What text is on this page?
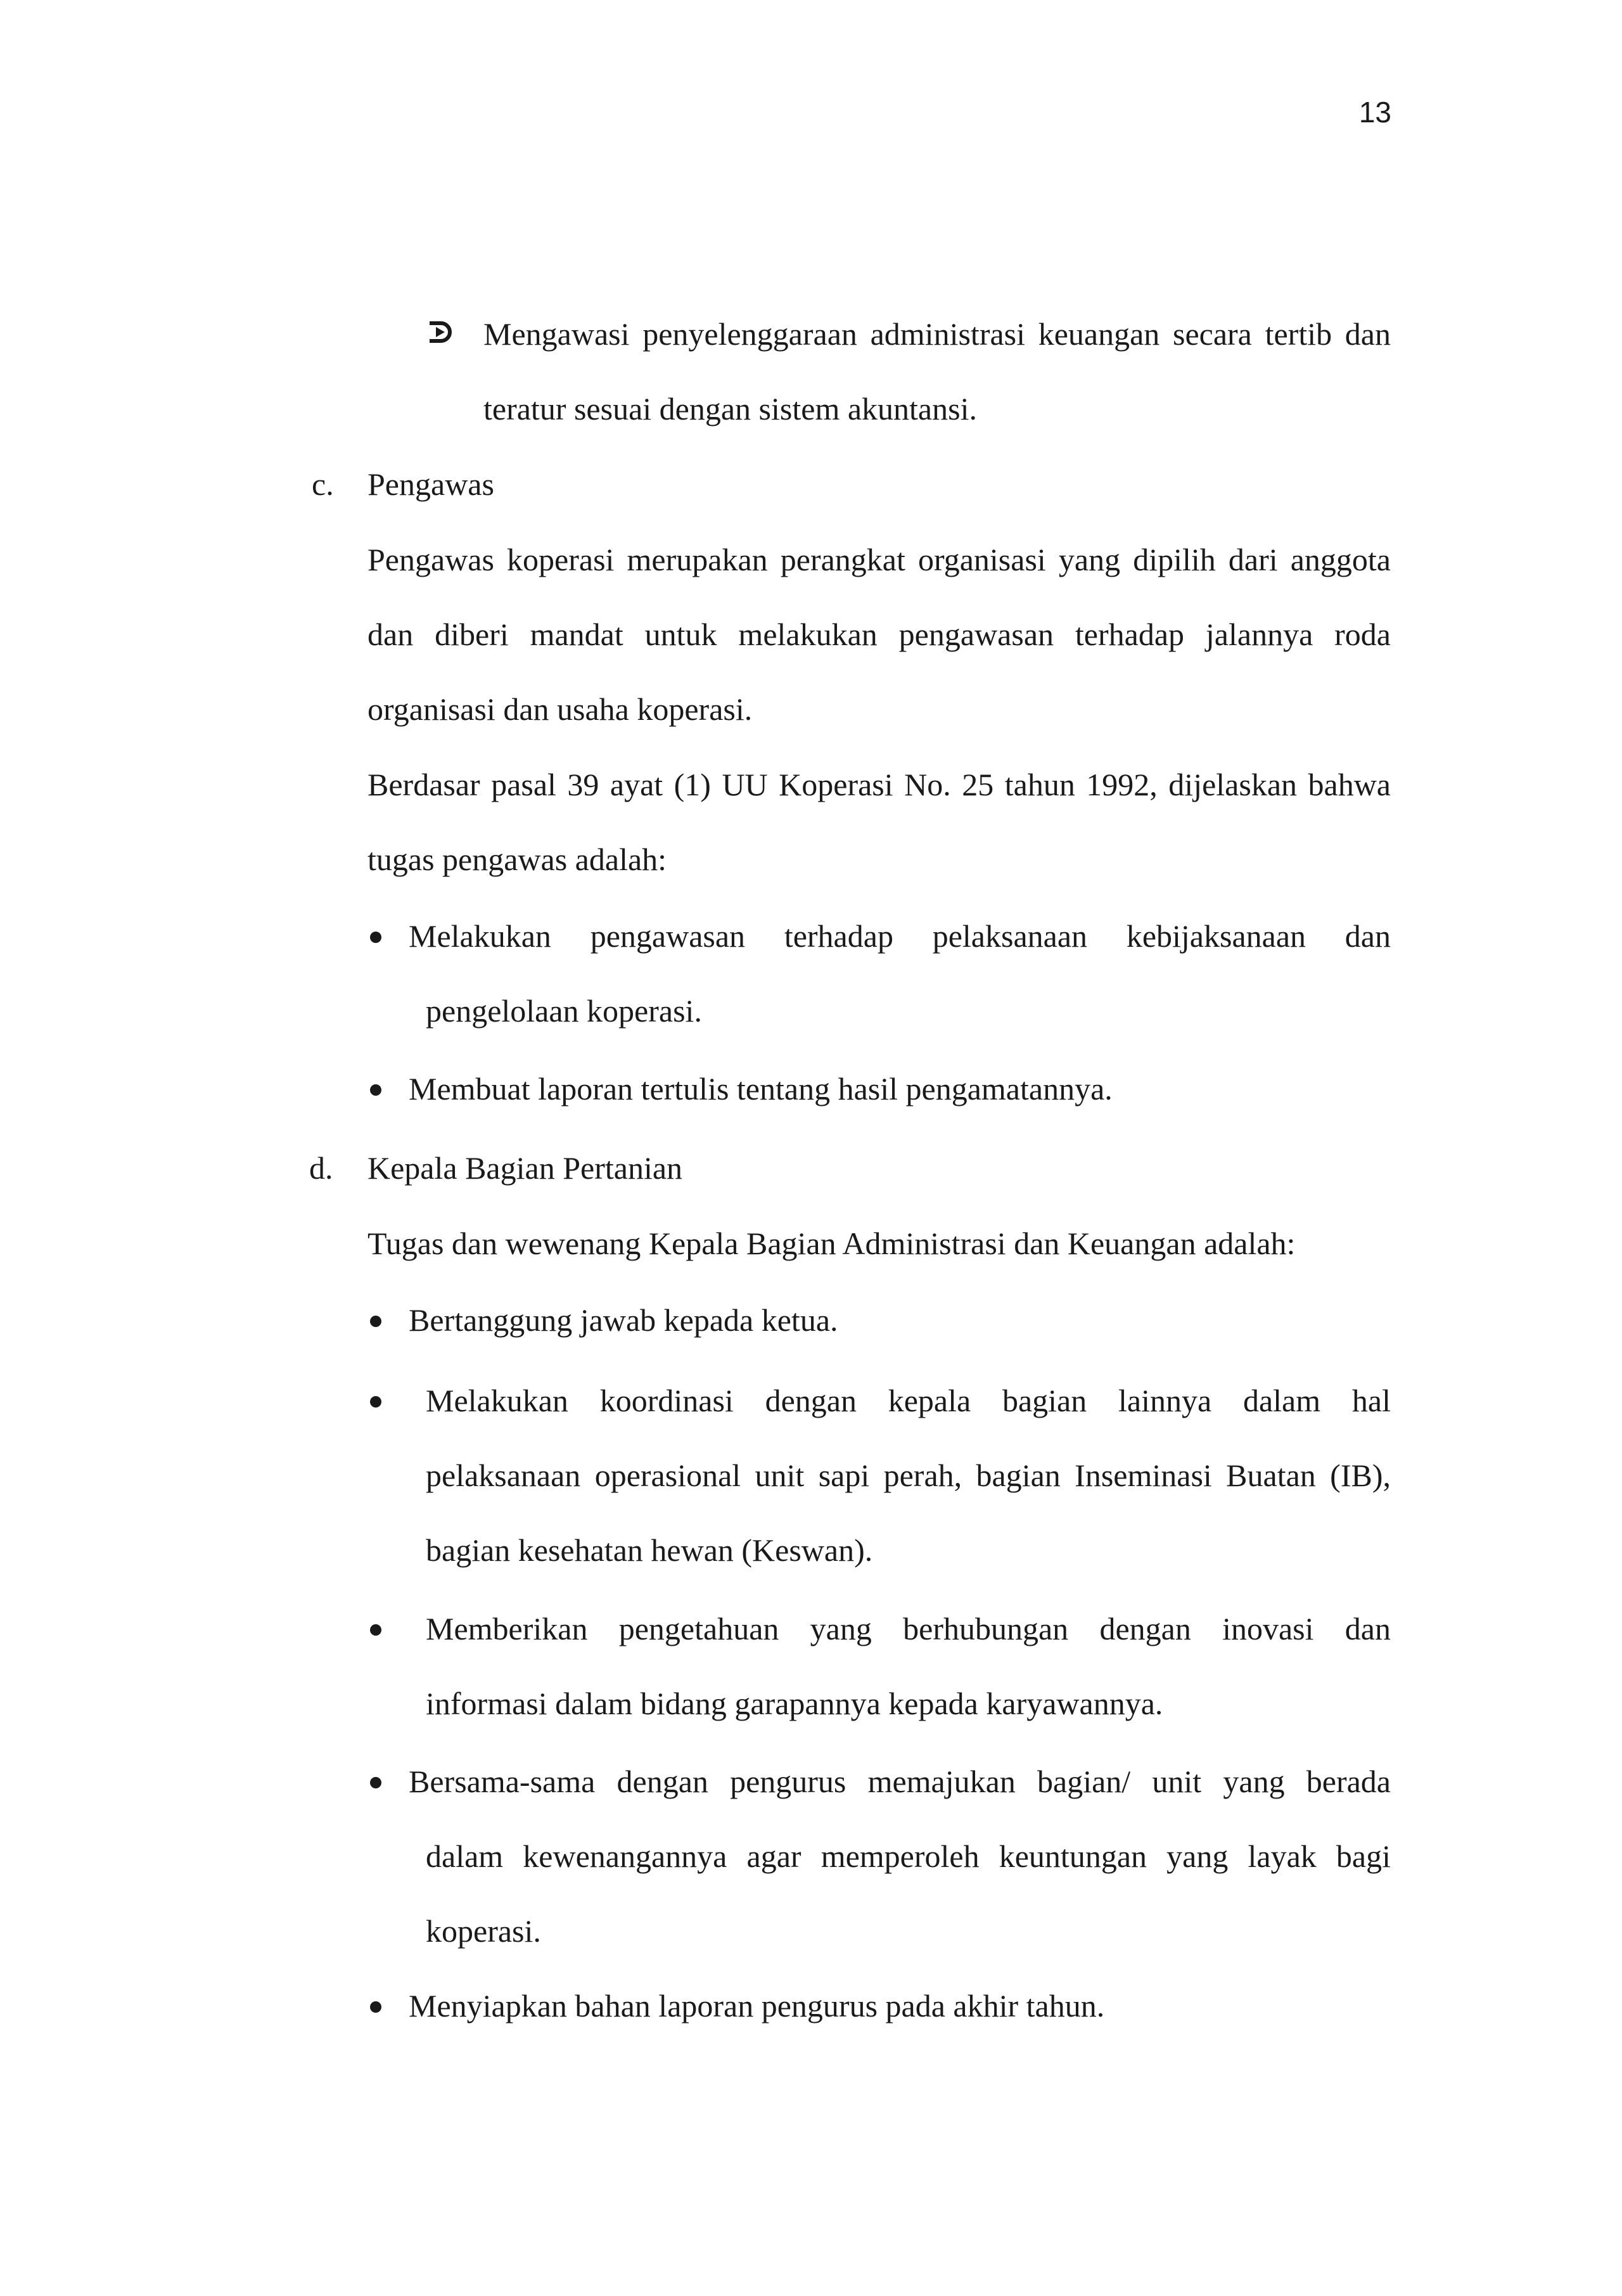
13
Mengawasi penyelenggaraan administrasi keuangan secara tertib dan
teratur sesuai dengan sistem akuntansi.
c. Pengawas
Pengawas koperasi merupakan perangkat organisasi yang dipilih dari anggota
dan diberi mandat untuk melakukan pengawasan terhadap jalannya roda
organisasi dan usaha koperasi.
Berdasar pasal 39 ayat (1) UU Koperasi No. 25 tahun 1992, dijelaskan bahwa
tugas pengawas adalah:
Melakukan pengawasan terhadap pelaksanaan kebijaksanaan dan
pengelolaan koperasi.
Membuat laporan tertulis tentang hasil pengamatannya.
d. Kepala Bagian Pertanian
Tugas dan wewenang Kepala Bagian Administrasi dan Keuangan adalah:
Bertanggung jawab kepada ketua.
Melakukan koordinasi dengan kepala bagian lainnya dalam hal
pelaksanaan operasional unit sapi perah, bagian Inseminasi Buatan (IB),
bagian kesehatan hewan (Keswan).
Memberikan pengetahuan yang berhubungan dengan inovasi dan
informasi dalam bidang garapannya kepada karyawannya.
Bersama-sama dengan pengurus memajukan bagian/ unit yang berada
dalam kewenangannya agar memperoleh keuntungan yang layak bagi
koperasi.
Menyiapkan bahan laporan pengurus pada akhir tahun.
